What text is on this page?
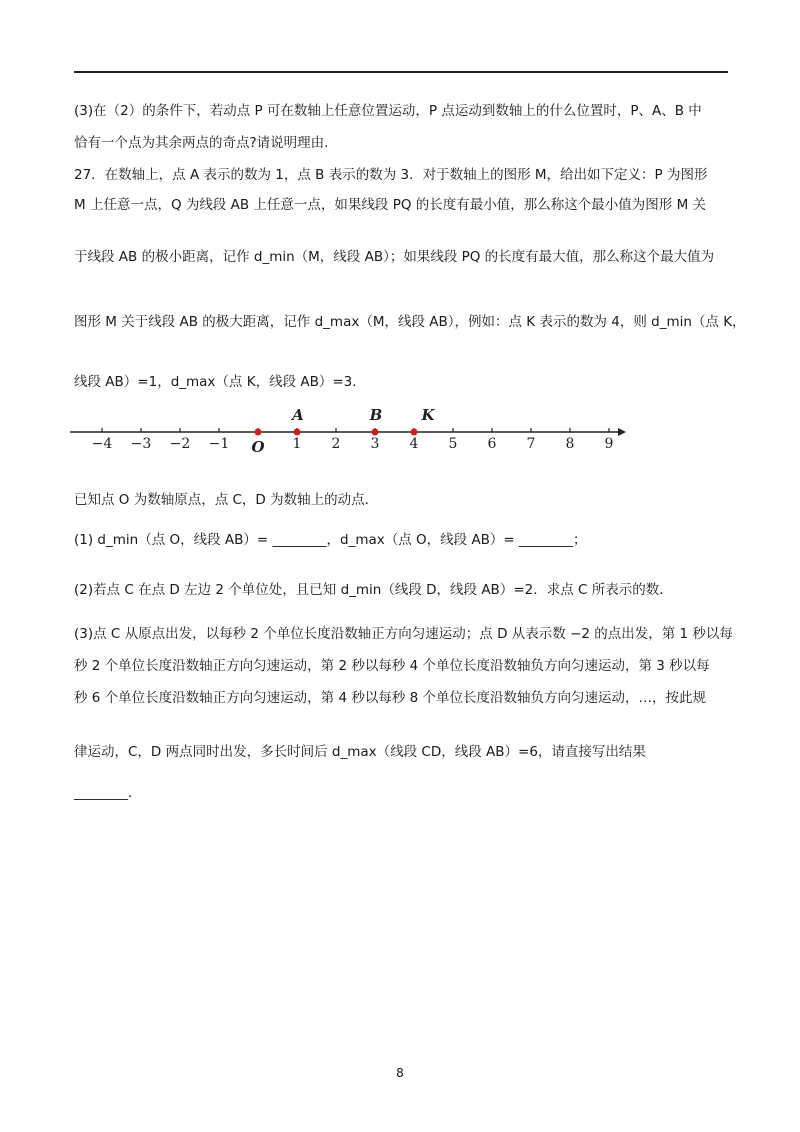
(3)在（2）的条件下，若动点 P 可在数轴上任意位置运动，P 点运动到数轴上的什么位置时，P、A、B 中
恰有一个点为其余两点的奇点?请说明理由.
27．在数轴上，点 A 表示的数为 1，点 B 表示的数为 3．对于数轴上的图形 M，给出如下定义：P 为图形
M 上任意一点，Q 为线段 AB 上任意一点，如果线段 PQ 的长度有最小值，那么称这个最小值为图形 M 关
于线段 AB 的极小距离，记作 d_min（M，线段 AB）；如果线段 PQ 的长度有最大值，那么称这个最大值为
图形 M 关于线段 AB 的极大距离，记作 d_max（M，线段 AB），例如：点 K 表示的数为 4，则 d_min（点 K，
线段 AB）=1，d_max（点 K，线段 AB）=3．
−4 −3 −2 −1 O 1 2 3 4 5 6 7 8 9
A	B	K
已知点 O 为数轴原点，点 C，D 为数轴上的动点．
(1) d_min（点 O，线段 AB）= ________，d_max（点 O，线段 AB）= ________；
(2)若点 C 在点 D 左边 2 个单位处，且已知 d_min（线段 D，线段 AB）=2．求点 C 所表示的数．
(3)点 C 从原点出发，以每秒 2 个单位长度沿数轴正方向匀速运动；点 D 从表示数 −2 的点出发，第 1 秒以每
秒 2 个单位长度沿数轴正方向匀速运动，第 2 秒以每秒 4 个单位长度沿数轴负方向匀速运动，第 3 秒以每
秒 6 个单位长度沿数轴正方向匀速运动，第 4 秒以每秒 8 个单位长度沿数轴负方向匀速运动，…，按此规
律运动，C，D 两点同时出发，多长时间后 d_max（线段 CD，线段 AB）=6，请直接写出结果
________．
8
